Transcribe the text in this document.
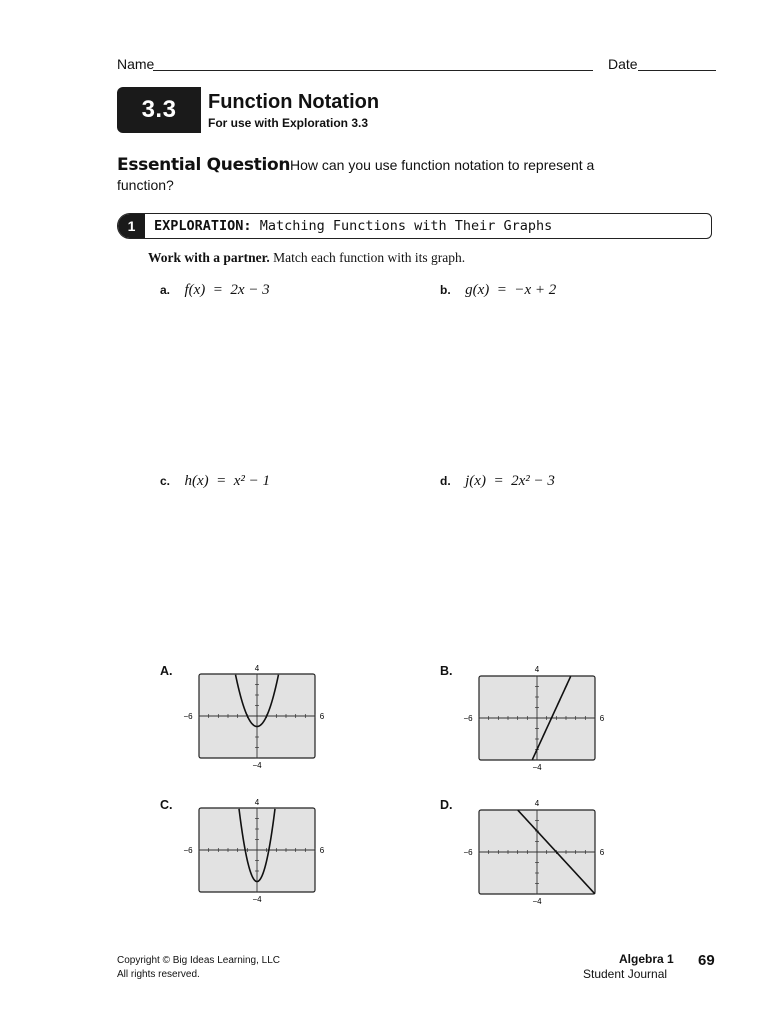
Name	Date
3.3	Function Notation
For use with Exploration 3.3
Essential Question How can you use function notation to represent a
function?
1	EXPLORATION: Matching Functions with Their Graphs
Work with a partner. Match each function with its graph.
a. f(x)  =  2x − 3	b. g(x)  =  −x + 2
c. h(x)  =  x² − 1	d. j(x)  =  2x² − 3
A.	B.
C.	D.
4
−4
−6	6
4
−4
−6	6
4
−4
−6	6
4
−4
−6	6
Copyright © Big Ideas Learning, LLC
All rights reserved.
Algebra 1
Student Journal
69
